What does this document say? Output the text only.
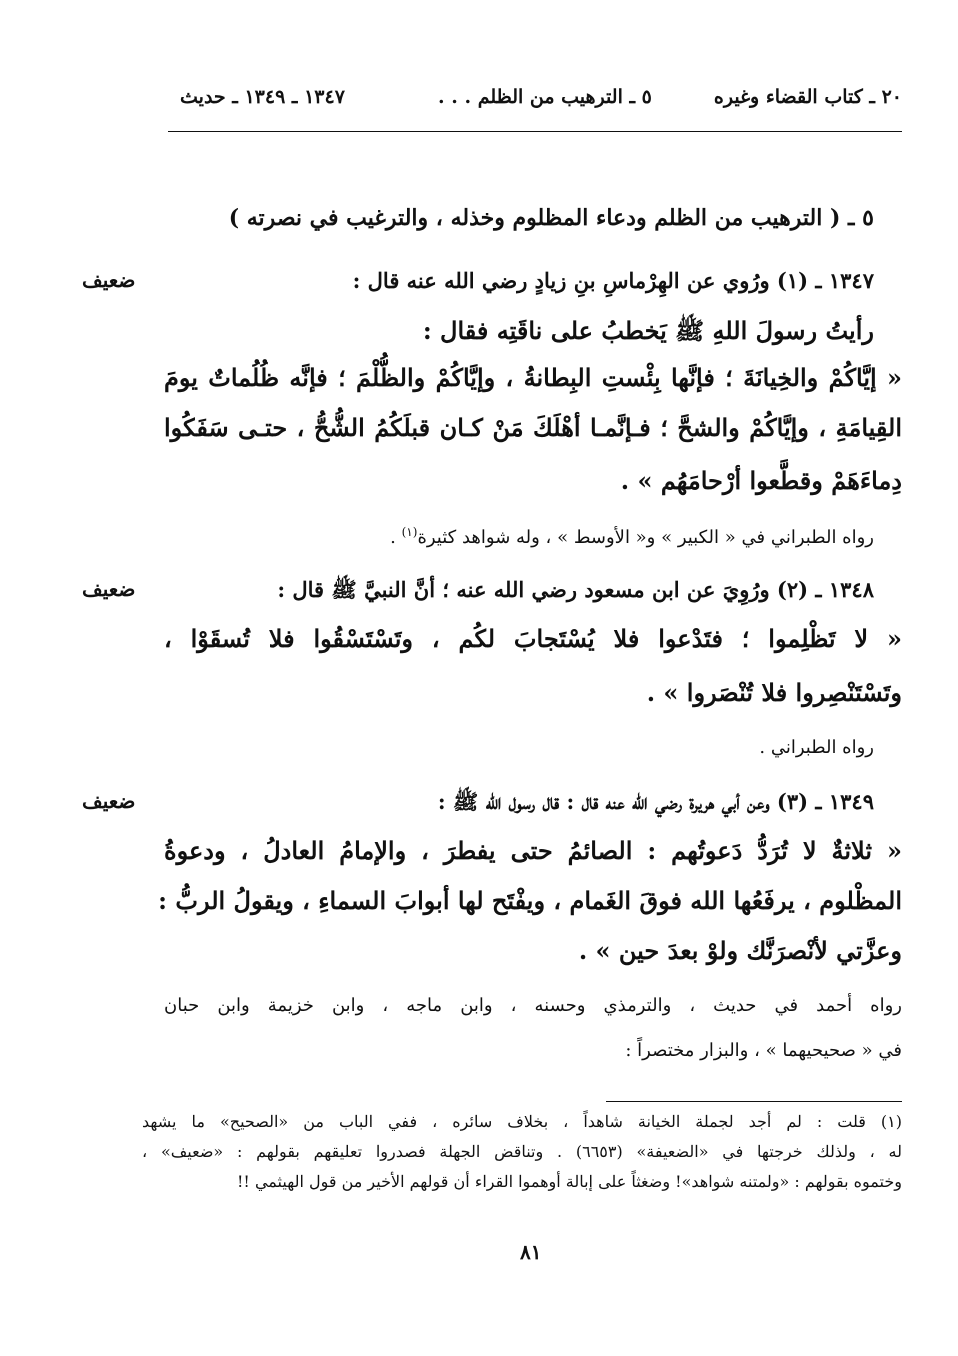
٢٠ ـ كتاب القضاء وغيره
٥ ـ الترهيب من الظلم . . .
١٣٤٧ ـ ١٣٤٩ ـ حديث
٥ ـ ( الترهيب من الظلم ودعاء المظلوم وخذله ، والترغيب في نصرته )
ضعيف	١٣٤٧ ـ (١) ورُوي عن الهِرْماسِ بنِ زيادٍ رضي الله عنه قال :
رأيتُ رسولَ اللهِ ﷺ يَخطبُ على ناقَتِه فقال :
« إيَّاكُمْ والخِيانَةَ ؛ فإنَّها بِئْستِ البِطانةُ ، وإيَّاكُمْ والظُّلْمَ ؛ فإنَّه ظُلُماتٌ يومَ
القِيامَةِ ، وإيَّاكُمْ والشحَّ ؛ فـإنَّمـا أهْلَكَ مَنْ كـان قبلَكُمُ الشُّحُّ ، حتـى سَفَكُوا
دِماءَهَمْ وقطَّعوا أرْحامَهُم » .
رواه الطبراني في « الكبير » و« الأوسط » ، وله شواهد كثيرة$^{(١)}$ .
ضعيف	١٣٤٨ ـ (٢) ورُوِيَ عن ابن مسعود رضي الله عنه ؛ أنَّ النبيَّ ﷺ قال :
« لا تَظْلِموا ؛ فتَدْعوا فلا يُسْتَجابَ لكُم ، وتَسْتَسْقُوا فلا تُسقَوْا ،
وتَسْتَنْصِروا فلا تُنْصَروا » .
رواه الطبراني .
ضعيف	١٣٤٩ ـ (٣) وعن أبي هريرة رضي الله عنه قال : قال رسول الله ﷺ :
« ثلاثةٌ لا تُرَدُّ دَعوتُهم : الصائمُ حتى يفطرَ ، والإمامُ العادلُ ، ودعوةُ
المظْلوم ، يرفَعُها الله فوقَ الغَمام ، ويفْتَح لها أبوابَ السماءِ ، ويقولُ الربُّ :
وعزَّتي لأنْصرَنَّك ولوْ بعدَ حين » .
رواه أحمد في حديث ، والترمذي وحسنه ، وابن ماجه ، وابن خزيمة وابن حبان
في « صحيحيهما » ، والبزار مختصراً :
(١) قلت : لم أجد لجملة الخيانة شاهداً ، بخلاف سائره ، ففي الباب من «الصحيح» ما يشهد
له ، ولذلك خرجتها في «الضعيفة» (٦٦٥٣) . وتناقض الجهلة فصدروا تعليقهم بقولهم : «ضعيف» ،
وختموه بقولهم : «ولمتنه شواهد»! وضغثاً على إبالة أوهموا القراء أن قولهم الأخير من قول الهيثمي !!
٨١
